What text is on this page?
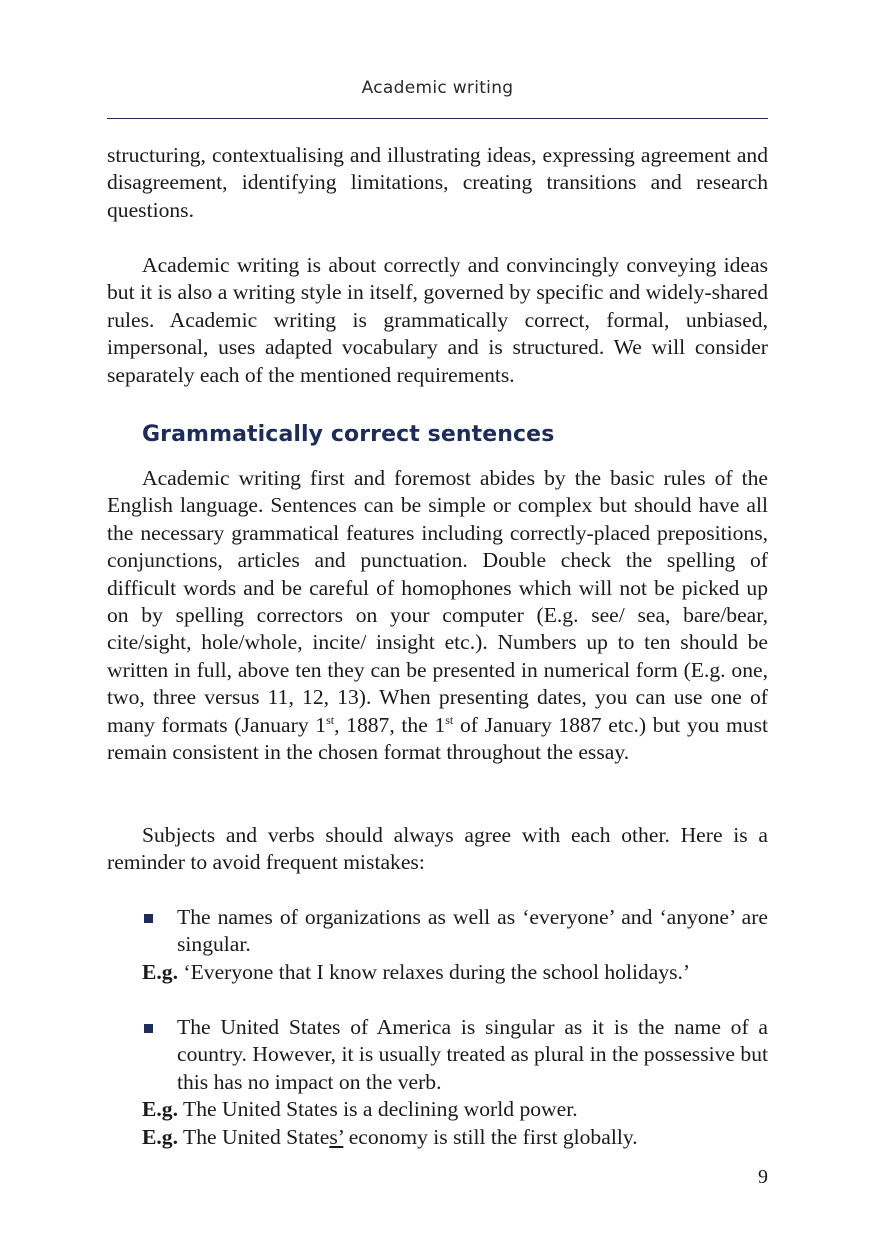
Academic writing

structuring, contextualising and illustrating ideas, expressing agreement and disagreement, identifying limitations, creating transitions and research questions.

Academic writing is about correctly and convincingly conveying ideas but it is also a writing style in itself, governed by specific and widely-shared rules. Academic writing is grammatically correct, formal, unbiased, impersonal, uses adapted vocabulary and is structured. We will consider separately each of the mentioned requirements.

Grammatically correct sentences

Academic writing first and foremost abides by the basic rules of the English language. Sentences can be simple or complex but should have all the necessary grammatical features including correctly-placed prepositions, conjunctions, articles and punctuation. Double check the spelling of difficult words and be careful of homophones which will not be picked up on by spelling correctors on your computer (E.g. see/ sea, bare/bear, cite/sight, hole/whole, incite/ insight etc.). Numbers up to ten should be written in full, above ten they can be presented in numerical form (E.g. one, two, three versus 11, 12, 13). When presenting dates, you can use one of many formats (January 1st, 1887, the 1st of January 1887 etc.) but you must remain consistent in the chosen format throughout the essay.

Subjects and verbs should always agree with each other. Here is a reminder to avoid frequent mistakes:

The names of organizations as well as ‘everyone’ and ‘anyone’ are singular.
E.g. ‘Everyone that I know relaxes during the school holidays.’
The United States of America is singular as it is the name of a country. However, it is usually treated as plural in the possessive but this has no impact on the verb.
E.g. The United States is a declining world power.
E.g. The United States’ economy is still the first globally.
9
